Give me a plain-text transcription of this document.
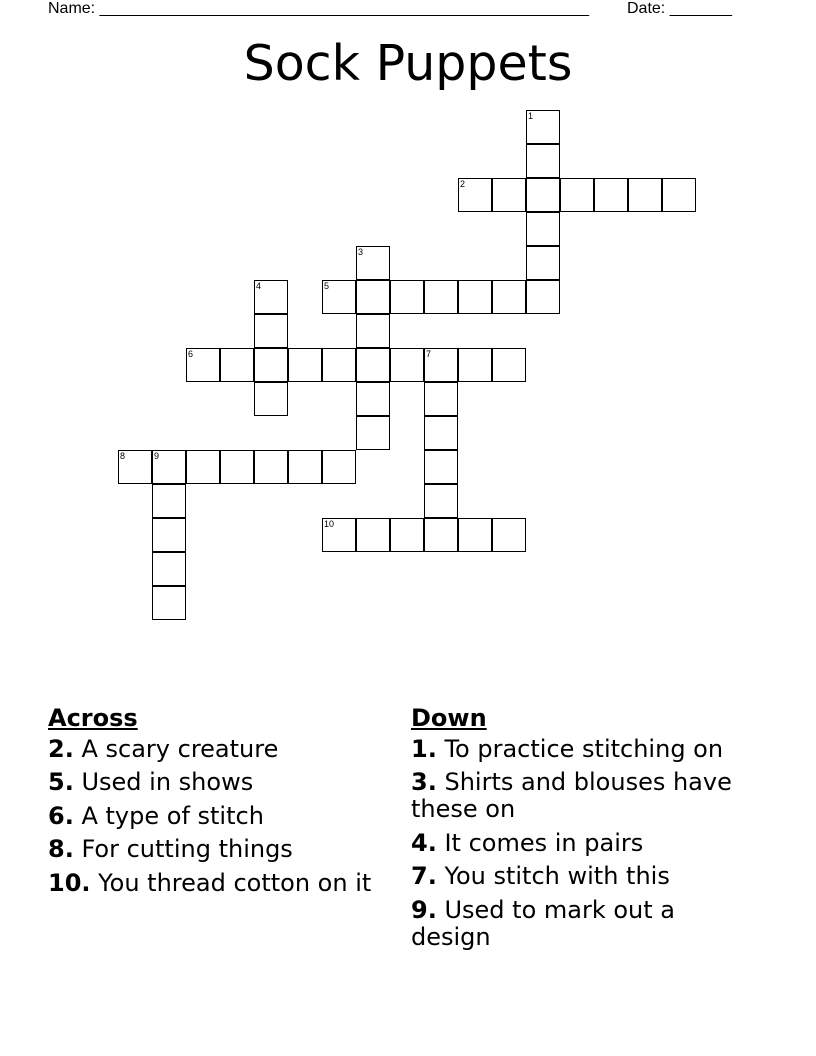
Name: _______________________________________________________ Date: _______
Sock Puppets
1
2
3
4	5
6	7
8	9
10
Across
2. A scary creature
5. Used in shows
6. A type of stitch
8. For cutting things
10. You thread cotton on it
Down
1. To practice stitching on
3. Shirts and blouses have these on
4. It comes in pairs
7. You stitch with this
9. Used to mark out a design
